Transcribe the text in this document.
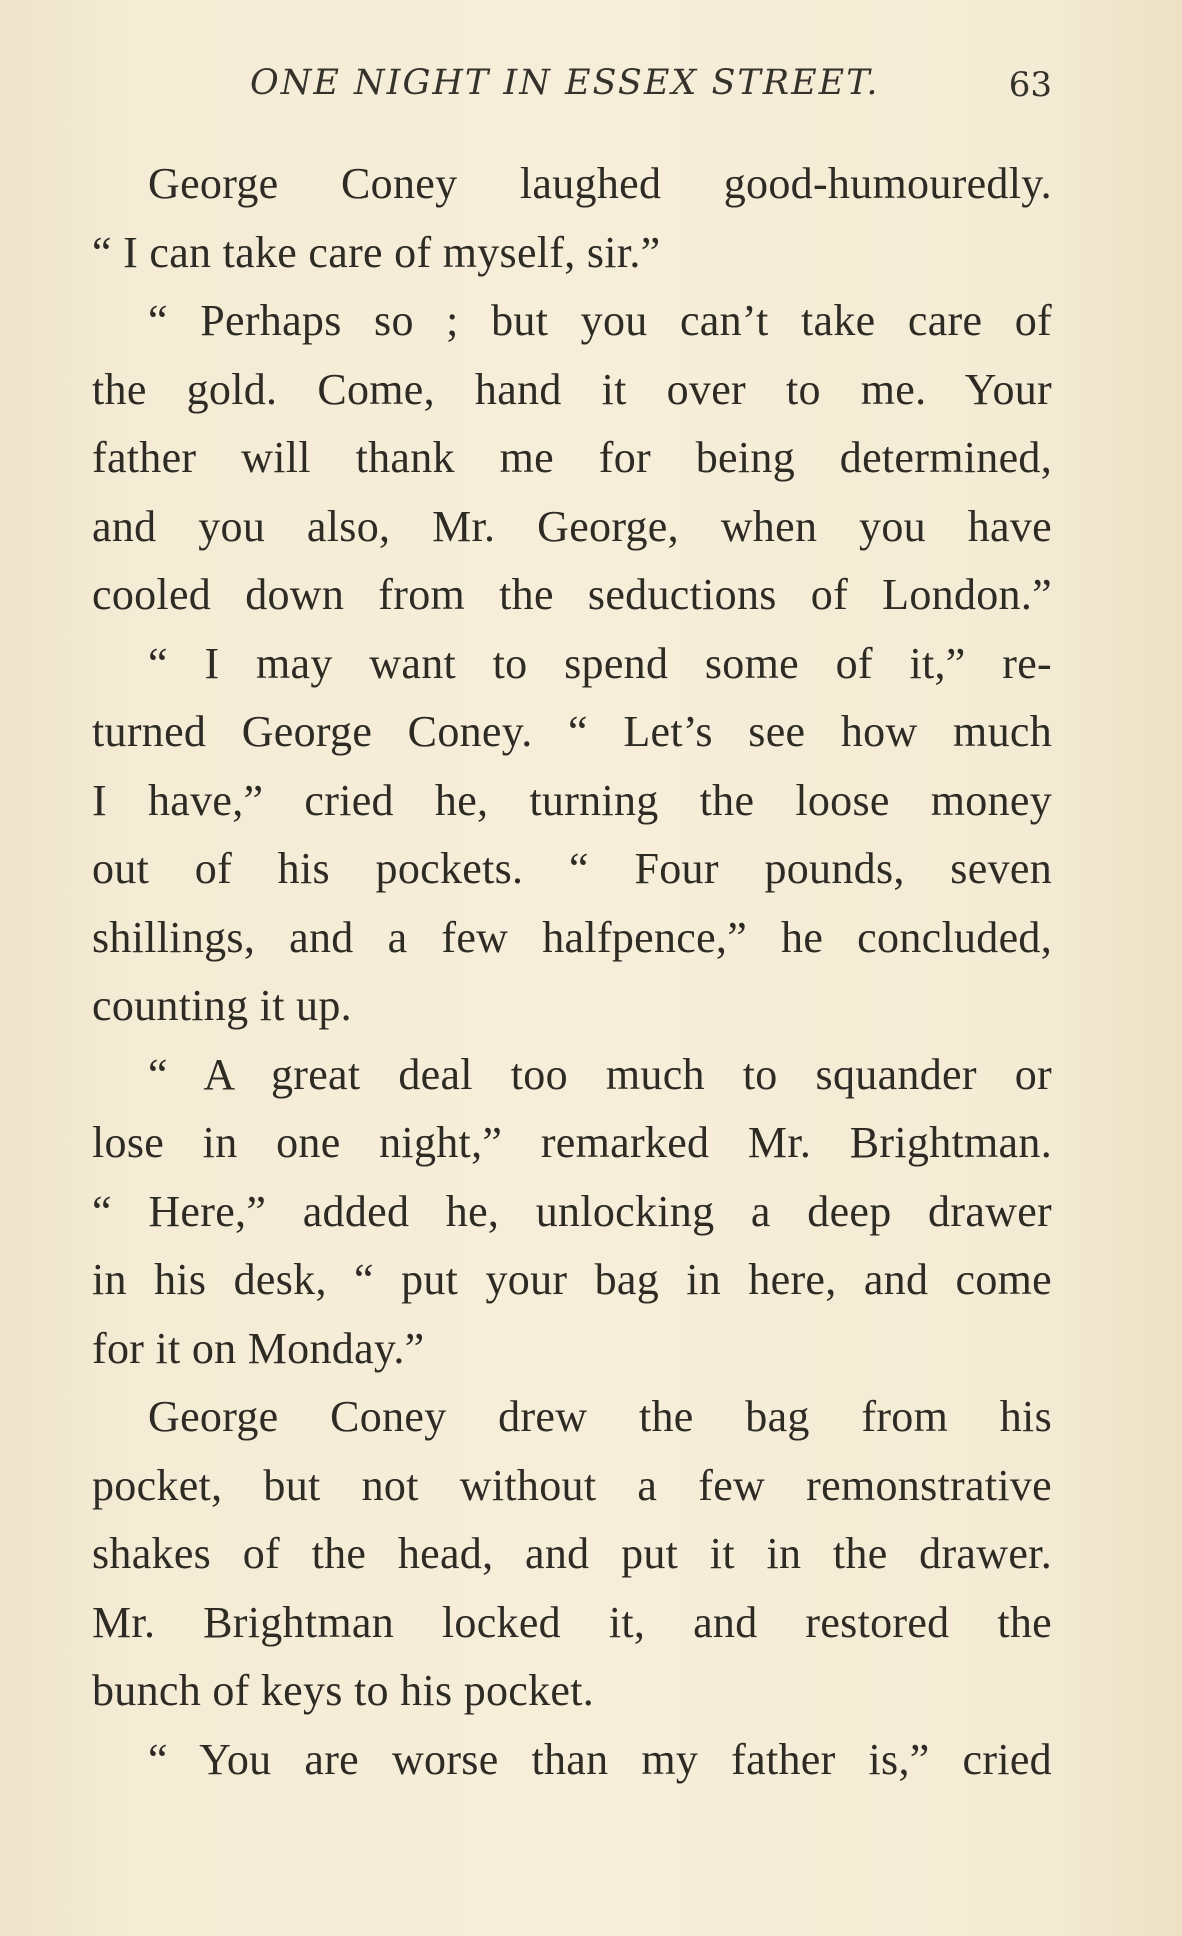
ONE NIGHT IN ESSEX STREET.	63
George Coney laughed good-humouredly.
“ I can take care of myself, sir.”
“ Perhaps so ; but you can’t take care of
the gold. Come, hand it over to me. Your
father will thank me for being determined,
and you also, Mr. George, when you have
cooled down from the seductions of London.”
“ I may want to spend some of it,” re-
turned George Coney. “ Let’s see how much
I have,” cried he, turning the loose money
out of his pockets. “ Four pounds, seven
shillings, and a few halfpence,” he concluded,
counting it up.
“ A great deal too much to squander or
lose in one night,” remarked Mr. Brightman.
“ Here,” added he, unlocking a deep drawer
in his desk, “ put your bag in here, and come
for it on Monday.”
George Coney drew the bag from his
pocket, but not without a few remonstrative
shakes of the head, and put it in the drawer.
Mr. Brightman locked it, and restored the
bunch of keys to his pocket.
“ You are worse than my father is,” cried
